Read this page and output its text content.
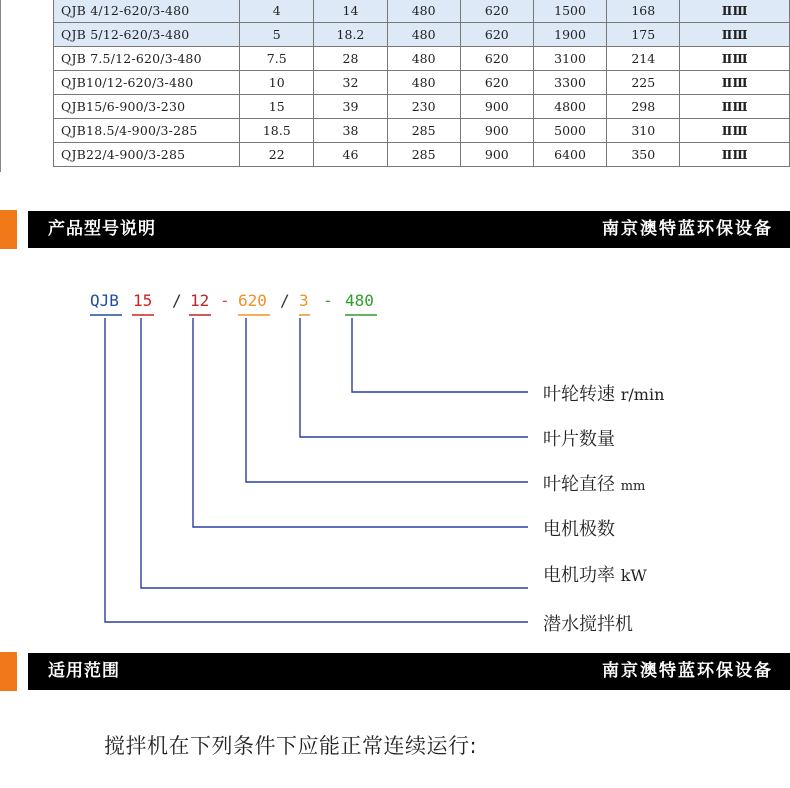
QJB 4/12-620/3-480	4	14	480	620	1500	168	ⅡⅢ
QJB 5/12-620/3-480	5	18.2	480	620	1900	175	ⅡⅢ
QJB 7.5/12-620/3-480	7.5	28	480	620	3100	214	ⅡⅢ
QJB10/12-620/3-480	10	32	480	620	3300	225	ⅡⅢ
QJB15/6-900/3-230	15	39	230	900	4800	298	ⅡⅢ
QJB18.5/4-900/3-285	18.5	38	285	900	5000	310	ⅡⅢ
QJB22/4-900/3-285	22	46	285	900	6400	350	ⅡⅢ
产品型号说明	南京澳特蓝环保设备
QJB 15 / 12 - 620 / 3 - 480
叶轮转速 r/min
叶片数量
叶轮直径 mm
电机极数
电机功率 kW
潜水搅拌机
适用范围	南京澳特蓝环保设备
搅拌机在下列条件下应能正常连续运行:
